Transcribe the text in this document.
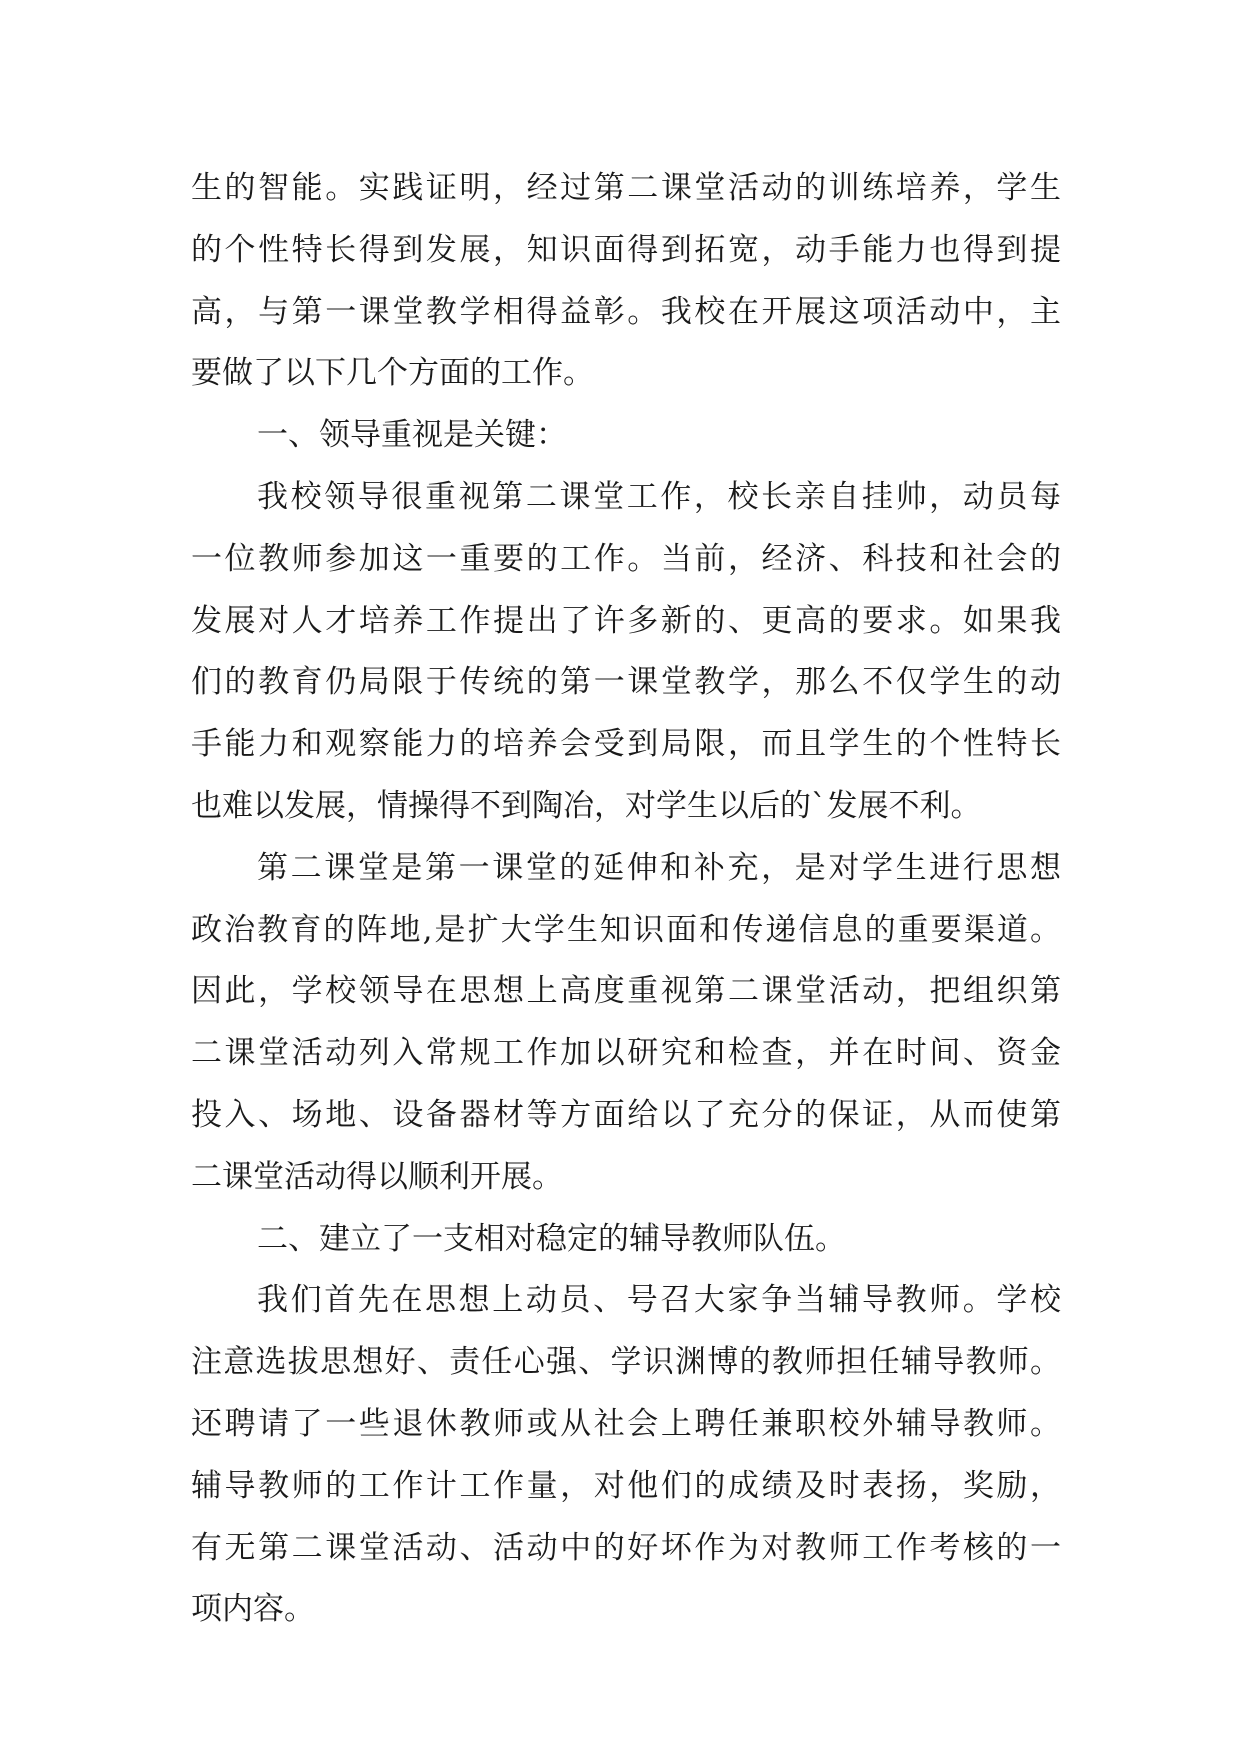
生的智能。实践证明，经过第二课堂活动的训练培养，学生
的个性特长得到发展，知识面得到拓宽，动手能力也得到提
高，与第一课堂教学相得益彰。我校在开展这项活动中，主
要做了以下几个方面的工作。
一、领导重视是关键：
我校领导很重视第二课堂工作，校长亲自挂帅，动员每
一位教师参加这一重要的工作。当前，经济、科技和社会的
发展对人才培养工作提出了许多新的、更高的要求。如果我
们的教育仍局限于传统的第一课堂教学，那么不仅学生的动
手能力和观察能力的培养会受到局限，而且学生的个性特长
也难以发展，情操得不到陶冶，对学生以后的`发展不利。
第二课堂是第一课堂的延伸和补充，是对学生进行思想
政治教育的阵地,是扩大学生知识面和传递信息的重要渠道。
因此，学校领导在思想上高度重视第二课堂活动，把组织第
二课堂活动列入常规工作加以研究和检查，并在时间、资金
投入、场地、设备器材等方面给以了充分的保证，从而使第
二课堂活动得以顺利开展。
二、建立了一支相对稳定的辅导教师队伍。
我们首先在思想上动员、号召大家争当辅导教师。学校
注意选拔思想好、责任心强、学识渊博的教师担任辅导教师。
还聘请了一些退休教师或从社会上聘任兼职校外辅导教师。
辅导教师的工作计工作量，对他们的成绩及时表扬，奖励，
有无第二课堂活动、活动中的好坏作为对教师工作考核的一
项内容。
